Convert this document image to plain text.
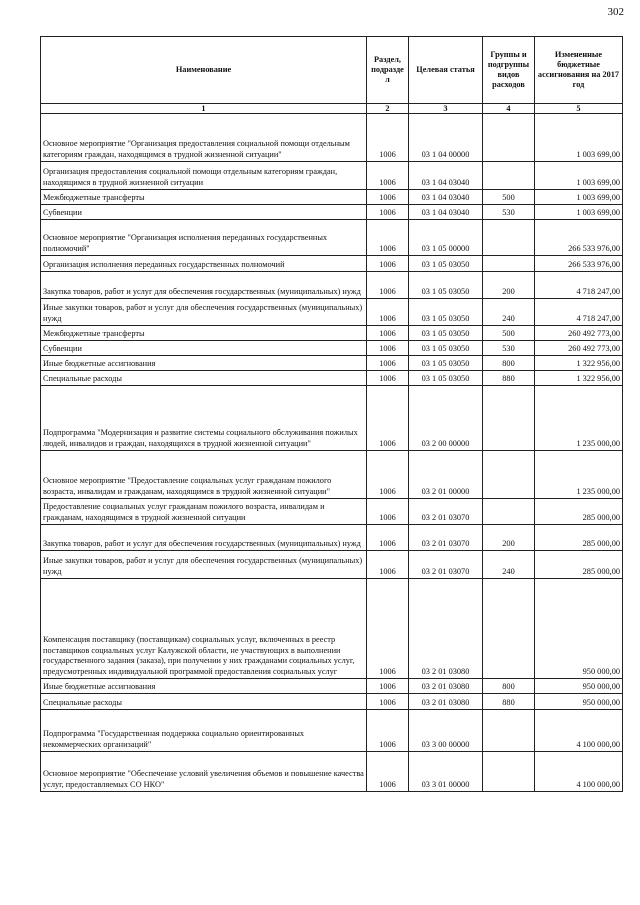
302
Наименование	Раздел, подразде л	Целевая статья	Группы и подгруппы видов расходов	Измененные бюджетные ассигнования на 2017 год
1	2	3	4	5
Основное мероприятие "Организация предоставления социальной помощи отдельным категориям граждан, находящимся в трудной жизненной ситуации"	1006	03 1 04 00000		1 003 699,00
Организация предоставления социальной помощи отдельным категориям граждан, находящимся в трудной жизненной ситуации	1006	03 1 04 03040		1 003 699,00
Межбюджетные трансферты	1006	03 1 04 03040	500	1 003 699,00
Субвенции	1006	03 1 04 03040	530	1 003 699,00
Основное мероприятие "Организация исполнения переданных государственных полномочий"	1006	03 1 05 00000		266 533 976,00
Организация исполнения переданных государственных полномочий	1006	03 1 05 03050		266 533 976,00
Закупка товаров, работ и услуг для обеспечения государственных (муниципальных) нужд	1006	03 1 05 03050	200	4 718 247,00
Иные закупки товаров, работ и услуг для обеспечения государственных (муниципальных) нужд	1006	03 1 05 03050	240	4 718 247,00
Межбюджетные трансферты	1006	03 1 05 03050	500	260 492 773,00
Субвенции	1006	03 1 05 03050	530	260 492 773,00
Иные бюджетные ассигнования	1006	03 1 05 03050	800	1 322 956,00
Специальные расходы	1006	03 1 05 03050	880	1 322 956,00
Подпрограмма "Модернизация и развитие системы социального обслуживания пожилых людей, инвалидов и граждан, находящихся в трудной жизненной ситуации"	1006	03 2 00 00000		1 235 000,00
Основное мероприятие "Предоставление социальных услуг гражданам пожилого возраста, инвалидам и гражданам, находящимся в трудной жизненной ситуации"	1006	03 2 01 00000		1 235 000,00
Предоставление социальных услуг гражданам пожилого возраста, инвалидам и гражданам, находящимся в трудной жизненной ситуации	1006	03 2 01 03070		285 000,00
Закупка товаров, работ и услуг для обеспечения государственных (муниципальных) нужд	1006	03 2 01 03070	200	285 000,00
Иные закупки товаров, работ и услуг для обеспечения государственных (муниципальных) нужд	1006	03 2 01 03070	240	285 000,00
Компенсация поставщику (поставщикам) социальных услуг, включенных в реестр поставщиков социальных услуг Калужской области, не участвующих в выполнении государственного задания (заказа), при получении у них гражданами социальных услуг, предусмотренных индивидуальной программой предоставления социальных услуг	1006	03 2 01 03080		950 000,00
Иные бюджетные ассигнования	1006	03 2 01 03080	800	950 000,00
Специальные расходы	1006	03 2 01 03080	880	950 000,00
Подпрограмма "Государственная поддержка социально ориентированных некоммерческих организаций"	1006	03 3 00 00000		4 100 000,00
Основное мероприятие "Обеспечение условий увеличения объемов и повышение качества услуг, предоставляемых СО НКО"	1006	03 3 01 00000		4 100 000,00
